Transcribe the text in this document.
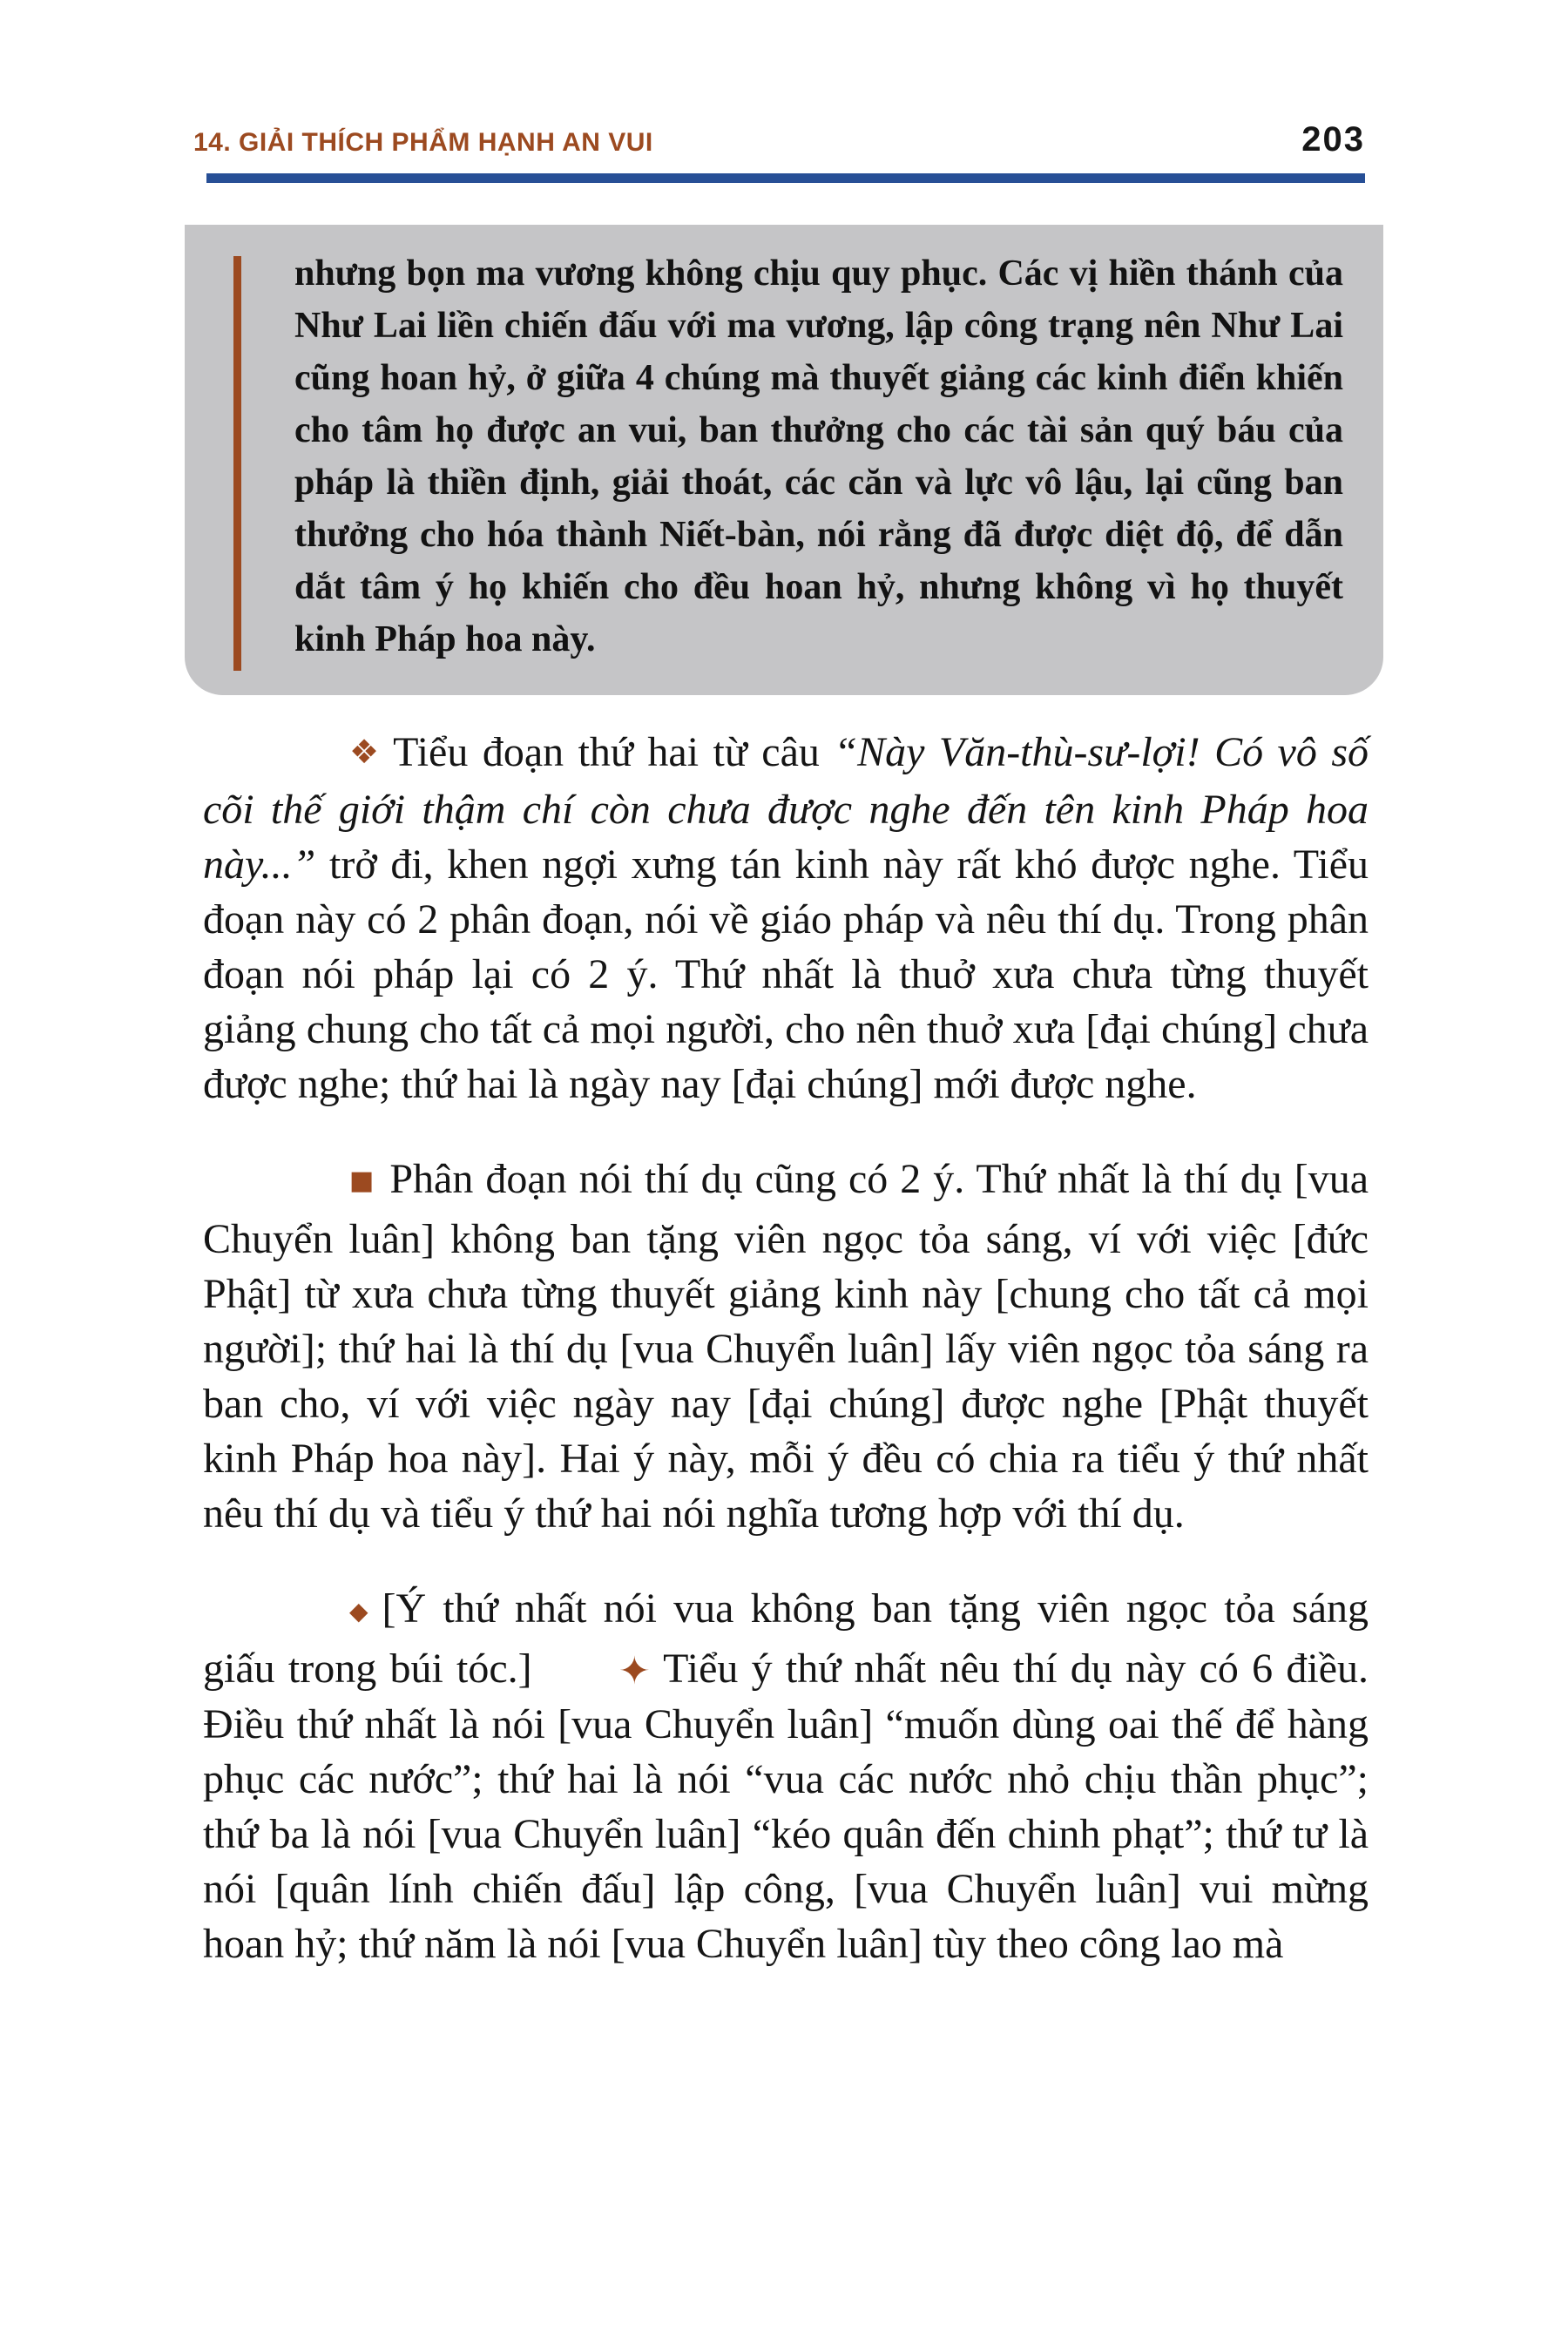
14. GIẢI THÍCH PHẨM HẠNH AN VUI	203
nhưng bọn ma vương không chịu quy phục. Các vị hiền thánh của Như Lai liền chiến đấu với ma vương, lập công trạng nên Như Lai cũng hoan hỷ, ở giữa 4 chúng mà thuyết giảng các kinh điển khiến cho tâm họ được an vui, ban thưởng cho các tài sản quý báu của pháp là thiền định, giải thoát, các căn và lực vô lậu, lại cũng ban thưởng cho hóa thành Niết-bàn, nói rằng đã được diệt độ, để dẫn dắt tâm ý họ khiến cho đều hoan hỷ, nhưng không vì họ thuyết kinh Pháp hoa này.

❖ Tiểu đoạn thứ hai từ câu “Này Văn-thù-sư-lợi! Có vô số cõi thế giới thậm chí còn chưa được nghe đến tên kinh Pháp hoa này...” trở đi, khen ngợi xưng tán kinh này rất khó được nghe. Tiểu đoạn này có 2 phân đoạn, nói về giáo pháp và nêu thí dụ. Trong phân đoạn nói pháp lại có 2 ý. Thứ nhất là thuở xưa chưa từng thuyết giảng chung cho tất cả mọi người, cho nên thuở xưa [đại chúng] chưa được nghe; thứ hai là ngày nay [đại chúng] mới được nghe.

■ Phân đoạn nói thí dụ cũng có 2 ý. Thứ nhất là thí dụ [vua Chuyển luân] không ban tặng viên ngọc tỏa sáng, ví với việc [đức Phật] từ xưa chưa từng thuyết giảng kinh này [chung cho tất cả mọi người]; thứ hai là thí dụ [vua Chuyển luân] lấy viên ngọc tỏa sáng ra ban cho, ví với việc ngày nay [đại chúng] được nghe [Phật thuyết kinh Pháp hoa này]. Hai ý này, mỗi ý đều có chia ra tiểu ý thứ nhất nêu thí dụ và tiểu ý thứ hai nói nghĩa tương hợp với thí dụ.

◆ [Ý thứ nhất nói vua không ban tặng viên ngọc tỏa sáng giấu trong búi tóc.] ✦ Tiểu ý thứ nhất nêu thí dụ này có 6 điều. Điều thứ nhất là nói [vua Chuyển luân] “muốn dùng oai thế để hàng phục các nước”; thứ hai là nói “vua các nước nhỏ chịu thần phục”; thứ ba là nói [vua Chuyển luân] “kéo quân đến chinh phạt”; thứ tư là nói [quân lính chiến đấu] lập công, [vua Chuyển luân] vui mừng hoan hỷ; thứ năm là nói [vua Chuyển luân] tùy theo công lao mà
